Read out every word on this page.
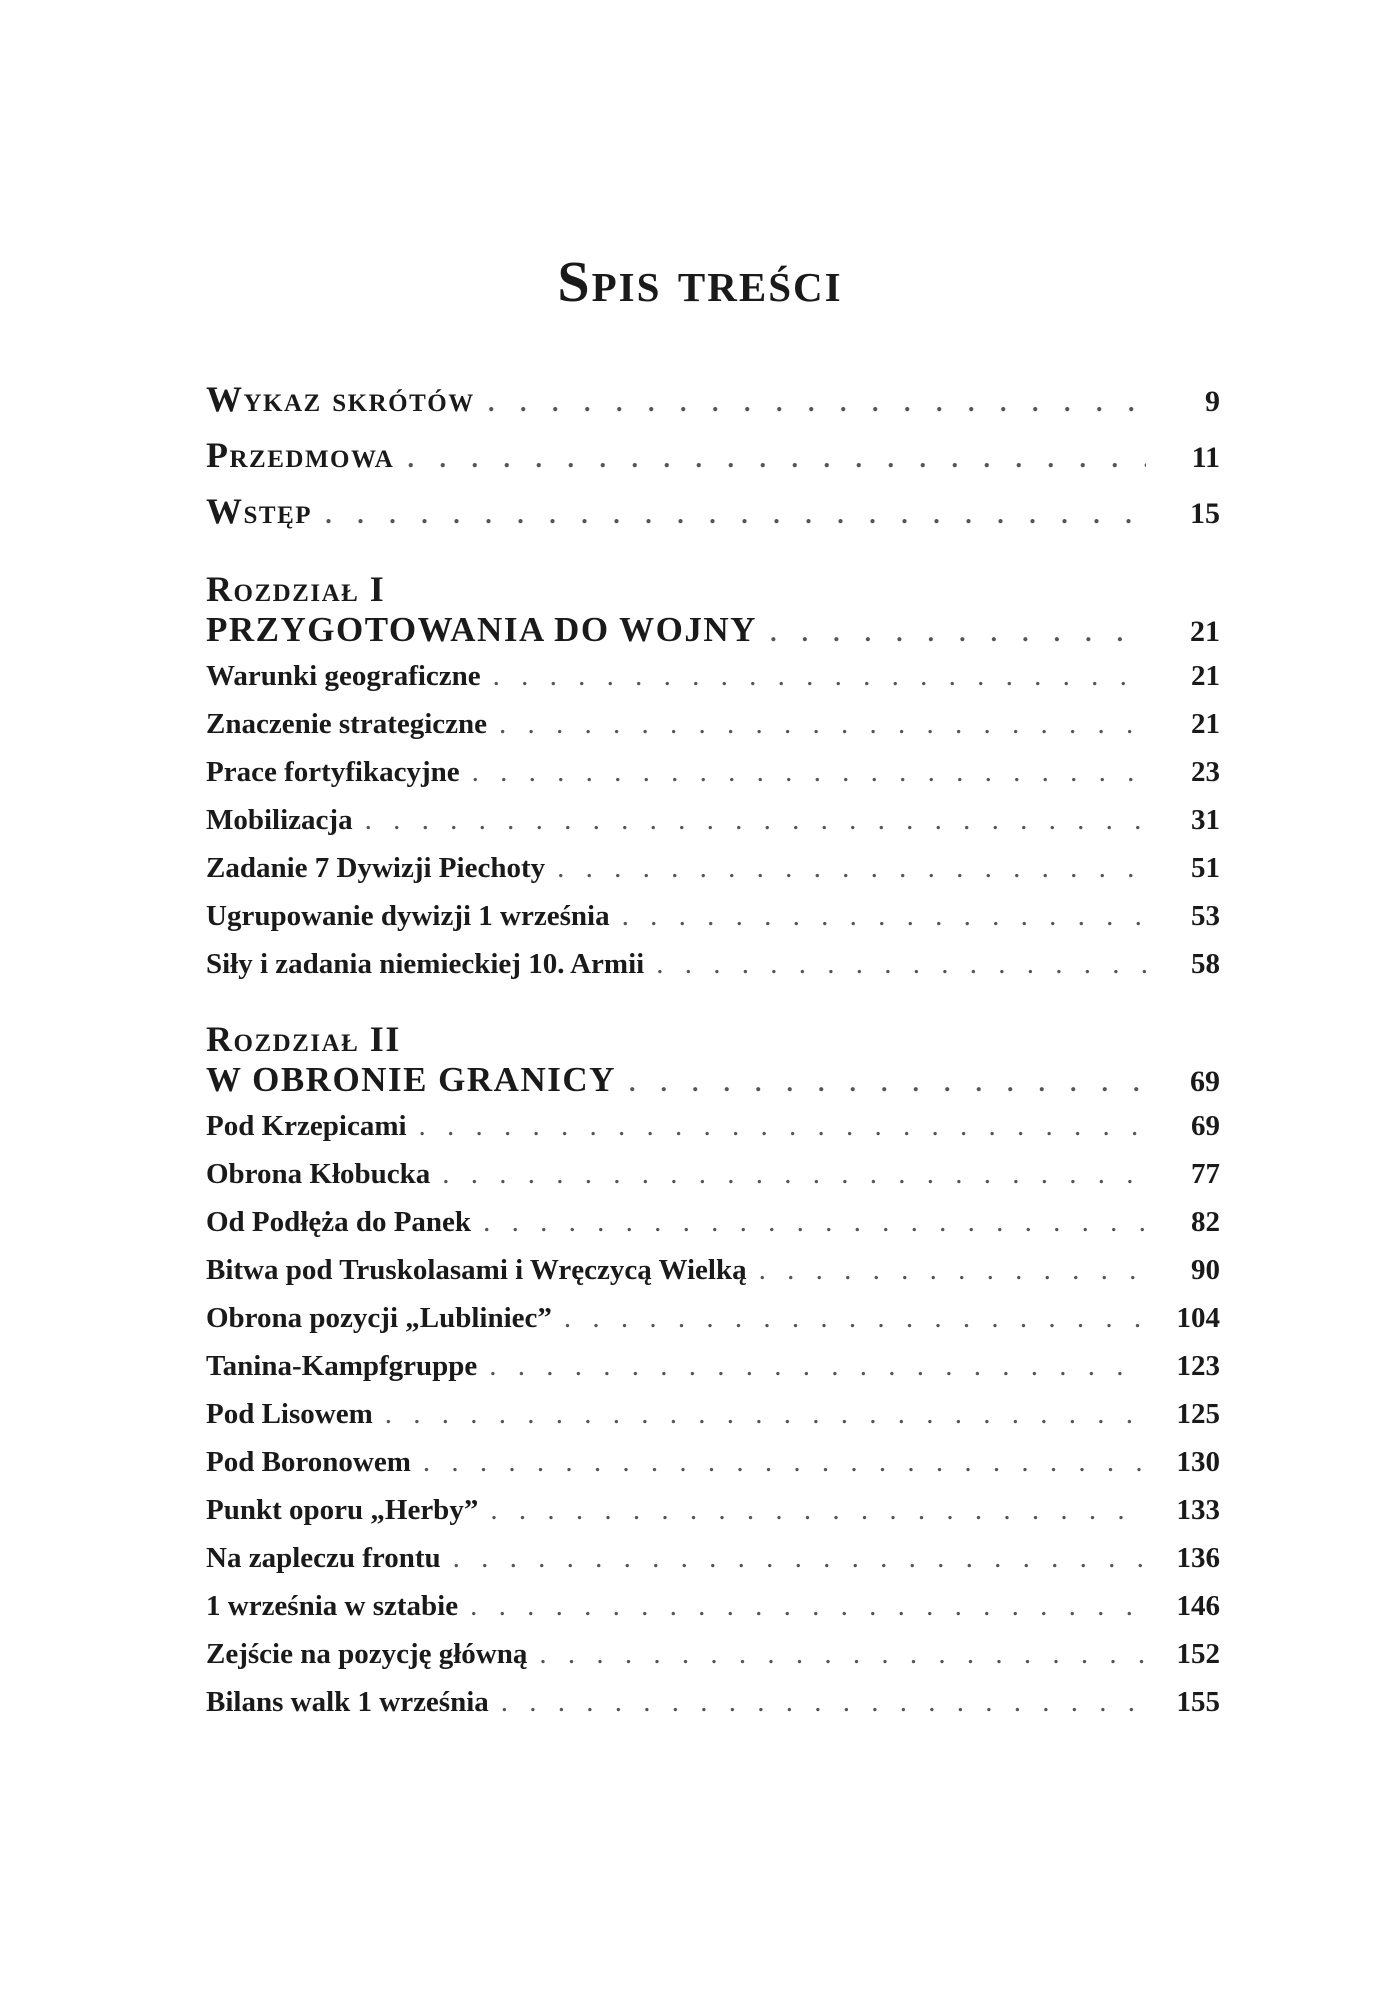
Spis treści
Wykaz skrótów . . .	9
Przedmowa . . .	11
Wstęp . . .	15
Rozdział I
PRZYGOTOWANIA DO WOJNY . . .	21
Warunki geograficzne . . .	21
Znaczenie strategiczne . . .	21
Prace fortyfikacyjne . . .	23
Mobilizacja . . .	31
Zadanie 7 Dywizji Piechoty . . .	51
Ugrupowanie dywizji 1 września . . .	53
Siły i zadania niemieckiej 10. Armii . . .	58
Rozdział II
W OBRONIE GRANICY . . .	69
Pod Krzepicami . . .	69
Obrona Kłobucka . . .	77
Od Podłęża do Panek . . .	82
Bitwa pod Truskolasami i Wręczycą Wielką . . .	90
Obrona pozycji „Lubliniec” . . .	104
Tanina-Kampfgruppe . . .	123
Pod Lisowem . . .	125
Pod Boronowem . . .	130
Punkt oporu „Herby” . . .	133
Na zapleczu frontu . . .	136
1 września w sztabie . . .	146
Zejście na pozycję główną . . .	152
Bilans walk 1 września . . .	155
